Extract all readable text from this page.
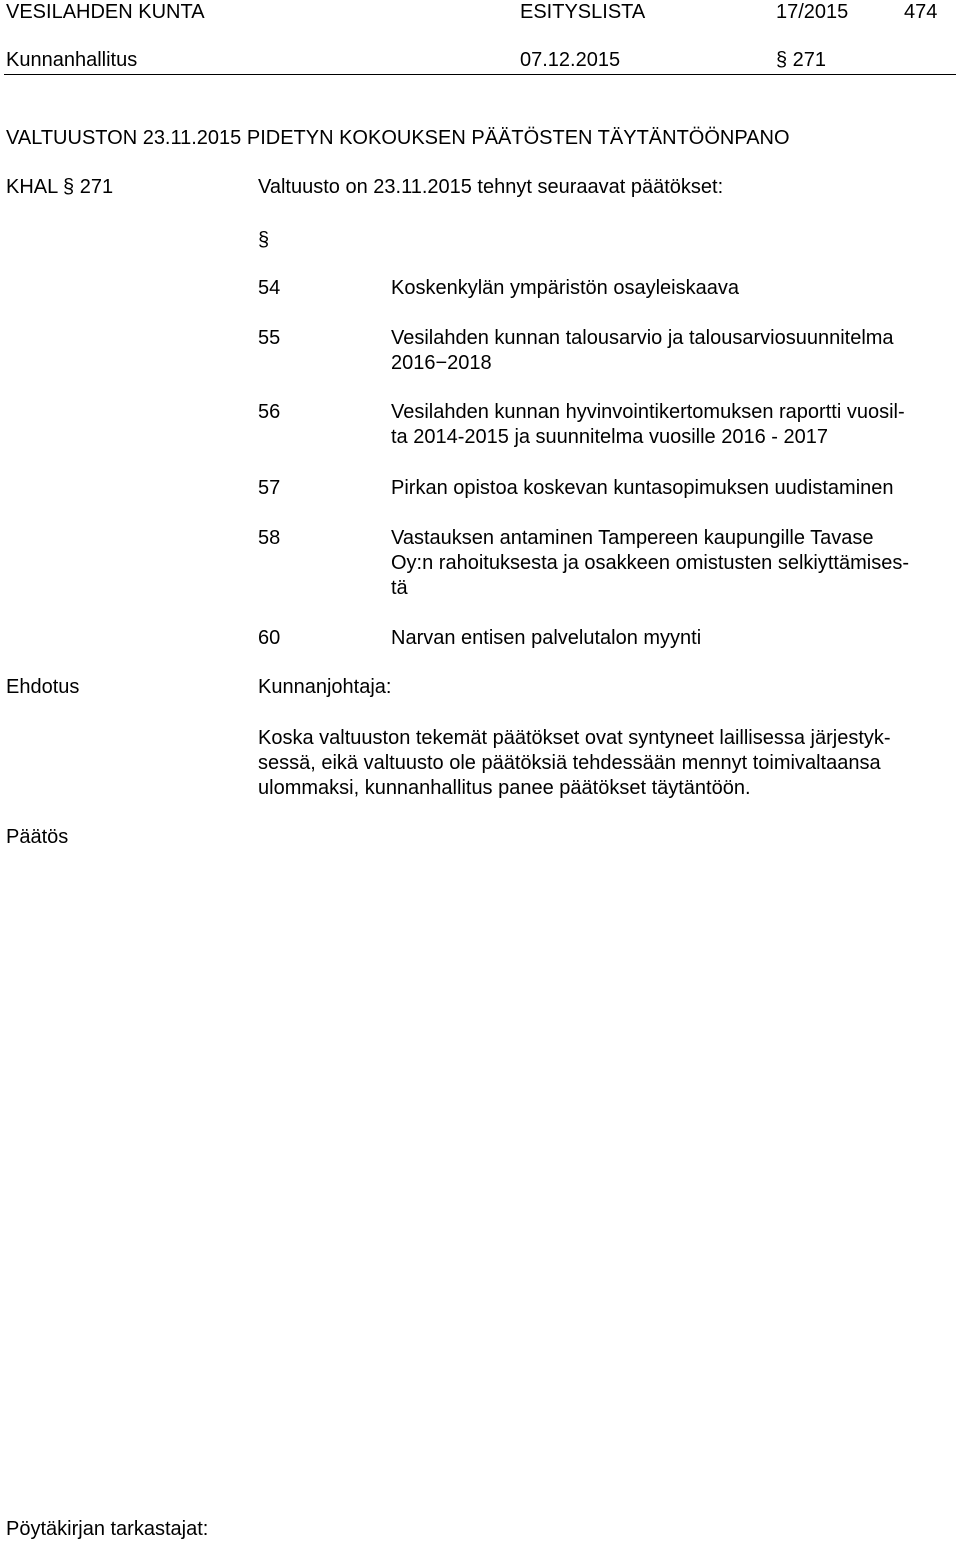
VESILAHDEN KUNTA	ESITYSLISTA	17/2015	474
Kunnanhallitus	07.12.2015	§ 271
VALTUUSTON 23.11.2015 PIDETYN KOKOUKSEN PÄÄTÖSTEN TÄYTÄNTÖÖNPANO
KHAL § 271	Valtuusto on 23.11.2015 tehnyt seuraavat päätökset:
§
54	Koskenkylän ympäristön osayleiskaava
55	Vesilahden kunnan talousarvio ja talousarviosuunnitelma
2016−2018
56	Vesilahden kunnan hyvinvointikertomuksen raportti vuosil-
ta 2014-2015 ja suunnitelma vuosille 2016 - 2017
57	Pirkan opistoa koskevan kuntasopimuksen uudistaminen
58	Vastauksen antaminen Tampereen kaupungille Tavase
Oy:n rahoituksesta ja osakkeen omistusten selkiyttämises-
tä
60	Narvan entisen palvelutalon myynti
Ehdotus	Kunnanjohtaja:
Koska valtuuston tekemät päätökset ovat syntyneet laillisessa järjestyk-
sessä, eikä valtuusto ole päätöksiä tehdessään mennyt toimivaltaansa
ulommaksi, kunnanhallitus panee päätökset täytäntöön.
Päätös
Pöytäkirjan tarkastajat:
